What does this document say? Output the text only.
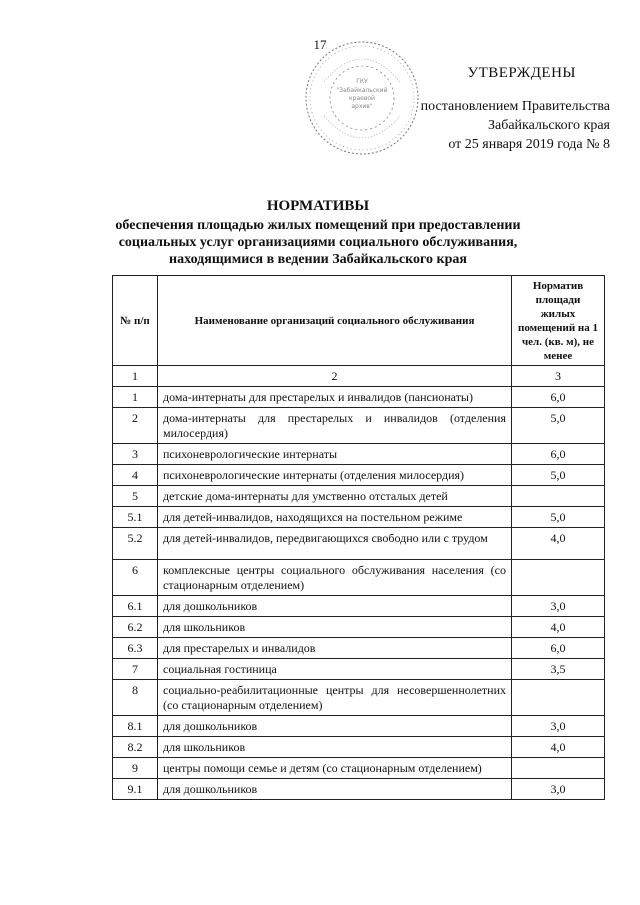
17
ГКУ
"Забайкальский
краевой
архив"
УТВЕРЖДЕНЫ
постановлением Правительства
Забайкальского края
от 25 января 2019 года № 8
НОРМАТИВЫ
обеспечения площадью жилых помещений при предоставлении
социальных услуг организациями социального обслуживания,
находящимися в ведении Забайкальского края
№ п/п	Наименование организаций социального обслуживания	Норматив площади жилых помещений на 1 чел. (кв. м), не менее
1	2	3
1	дома-интернаты для престарелых и инвалидов (пансионаты)	6,0
2	дома-интернаты для престарелых и инвалидов (отделения милосердия)	5,0
3	психоневрологические интернаты	6,0
4	психоневрологические интернаты (отделения милосердия)	5,0
5	детские дома-интернаты для умственно отсталых детей	
5.1	для детей-инвалидов, находящихся на постельном режиме	5,0
5.2	для детей-инвалидов, передвигающихся свободно или с трудом	4,0
6	комплексные центры социального обслуживания населения (со стационарным отделением)	
6.1	для дошкольников	3,0
6.2	для школьников	4,0
6.3	для престарелых и инвалидов	6,0
7	социальная гостиница	3,5
8	социально-реабилитационные центры для несовершеннолетних (со стационарным отделением)	
8.1	для дошкольников	3,0
8.2	для школьников	4,0
9	центры помощи семье и детям (со стационарным отделением)	
9.1	для дошкольников	3,0
